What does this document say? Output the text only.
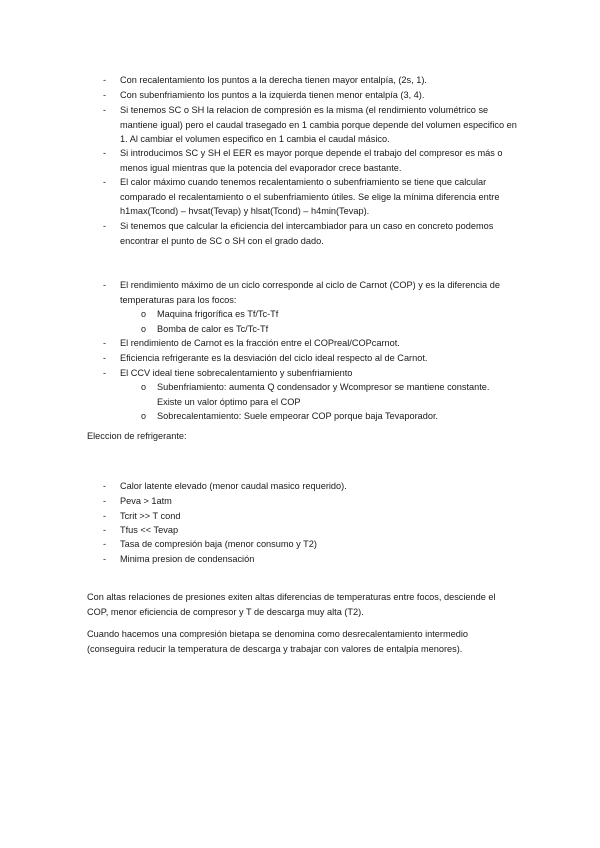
-	Con recalentamiento los puntos a la derecha tienen mayor entalpía, (2s, 1).
-	Con subenfriamiento los puntos a la izquierda tienen menor entalpía (3, 4).
-	Si tenemos SC o SH la relacion de compresión es la misma (el rendimiento volumétrico se mantiene igual) pero el caudal trasegado en 1 cambia porque depende del volumen especifico en 1. Al cambiar el volumen especifico en 1 cambia el caudal másico.
-	Si introducimos SC y SH el EER es mayor porque depende el trabajo del compresor es más o menos igual mientras que la potencia del evaporador crece bastante.
-	El calor máximo cuando tenemos recalentamiento o subenfriamiento se tiene que calcular comparado el recalentamiento o el subenfriamiento útiles. Se elige la mínima diferencia entre h1max(Tcond) – hvsat(Tevap) y hlsat(Tcond) – h4min(Tevap).
-	Si tenemos que calcular la eficiencia del intercambiador para un caso en concreto podemos encontrar el punto de SC o SH con el grado dado.
-	El rendimiento máximo de un ciclo corresponde al ciclo de Carnot (COP) y es la diferencia de temperaturas para los focos:
o	Maquina frigorífica es Tf/Tc-Tf
o	Bomba de calor es Tc/Tc-Tf
-	El rendimiento de Carnot es la fracción entre el COPreal/COPcarnot.
-	Eficiencia refrigerante es la desviación del ciclo ideal respecto al de Carnot.
-	El CCV ideal tiene sobrecalentamiento y subenfriamiento
o	Subenfriamiento: aumenta Q condensador y Wcompresor se mantiene constante. Existe un valor óptimo para el COP
o	Sobrecalentamiento: Suele empeorar COP porque baja Tevaporador.
Eleccion de refrigerante:
-	Calor latente elevado (menor caudal masico requerido).
-	Peva > 1atm
-	Tcrit >> T cond
-	Tfus << Tevap
-	Tasa de compresión baja (menor consumo y T2)
-	Minima presion de condensación
Con altas relaciones de presiones exiten altas diferencias de temperaturas entre focos, desciende el COP, menor eficiencia de compresor y T de descarga muy alta (T2).
Cuando hacemos una compresión bietapa se denomina como desrecalentamiento intermedio (conseguira reducir la temperatura de descarga y trabajar con valores de entalpia menores).
